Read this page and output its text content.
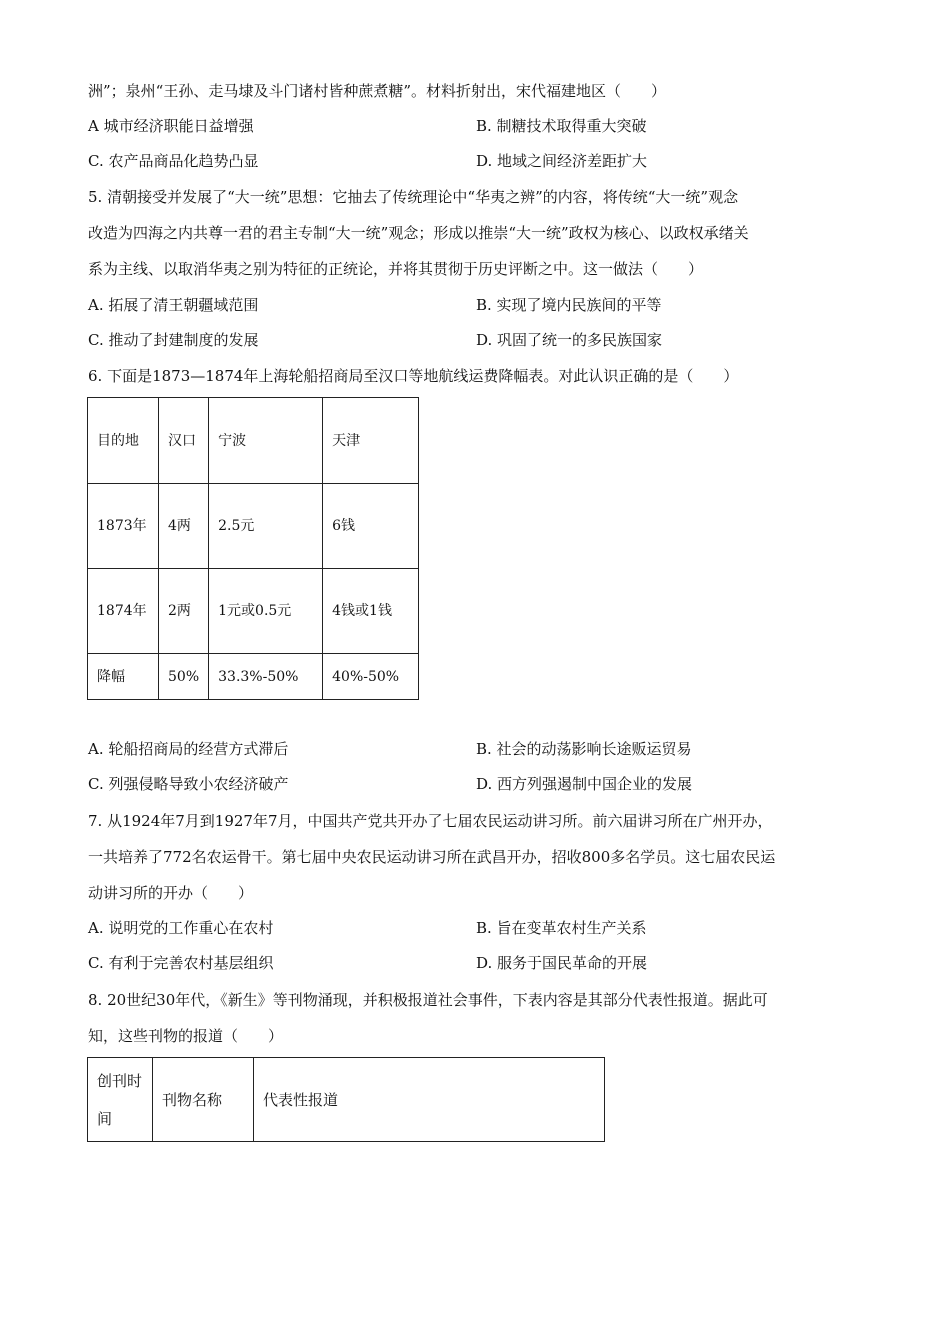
洲”；泉州“王孙、走马埭及斗门诸村皆种蔗煮糖”。材料折射出，宋代福建地区（　　）
A 城市经济职能日益增强	B. 制糖技术取得重大突破
C. 农产品商品化趋势凸显	D. 地域之间经济差距扩大
5. 清朝接受并发展了“大一统”思想：它抽去了传统理论中“华夷之辨”的内容，将传统“大一统”观念
改造为四海之内共尊一君的君主专制“大一统”观念；形成以推崇“大一统”政权为核心、以政权承绪关
系为主线、以取消华夷之别为特征的正统论，并将其贯彻于历史评断之中。这一做法（　　）
A. 拓展了清王朝疆域范围	B. 实现了境内民族间的平等
C. 推动了封建制度的发展	D. 巩固了统一的多民族国家
6. 下面是1873—1874年上海轮船招商局至汉口等地航线运费降幅表。对此认识正确的是（　　）
目的地	汉口	宁波	天津
1873年	4两	2.5元	6钱
1874年	2两	1元或0.5元	4钱或1钱
降幅	50%	33.3%-50%	40%-50%
A. 轮船招商局的经营方式滞后	B. 社会的动荡影响长途贩运贸易
C. 列强侵略导致小农经济破产	D. 西方列强遏制中国企业的发展
7. 从1924年7月到1927年7月，中国共产党共开办了七届农民运动讲习所。前六届讲习所在广州开办，
一共培养了772名农运骨干。第七届中央农民运动讲习所在武昌开办，招收800多名学员。这七届农民运
动讲习所的开办（　　）
A. 说明党的工作重心在农村	B. 旨在变革农村生产关系
C. 有利于完善农村基层组织	D. 服务于国民革命的开展
8. 20世纪30年代，《新生》等刊物涌现，并积极报道社会事件，下表内容是其部分代表性报道。据此可
知，这些刊物的报道（　　）
创刊时间	刊物名称	代表性报道
